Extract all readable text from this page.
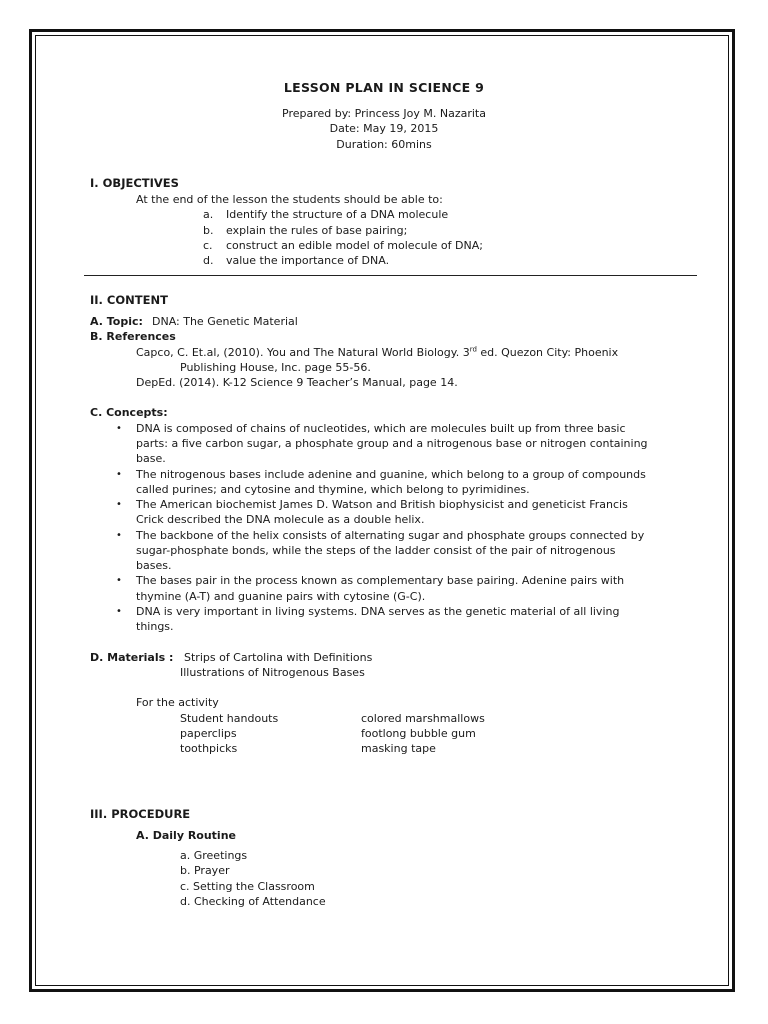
LESSON PLAN IN SCIENCE 9
Prepared by: Princess Joy M. Nazarita
Date: May 19, 2015
Duration: 60mins
I. OBJECTIVES
At the end of the lesson the students should be able to:
a. Identify the structure of a DNA molecule
b. explain the rules of base pairing;
c. construct an edible model of molecule of DNA;
d. value the importance of DNA.
II. CONTENT
A. Topic: DNA: The Genetic Material
B. References
Capco, C. Et.al, (2010). You and The Natural World Biology. 3rd ed. Quezon City: Phoenix
Publishing House, Inc. page 55-56.
DepEd. (2014). K-12 Science 9 Teacher’s Manual, page 14.
C. Concepts:
• DNA is composed of chains of nucleotides, which are molecules built up from three basic
parts: a five carbon sugar, a phosphate group and a nitrogenous base or nitrogen containing
base.
• The nitrogenous bases include adenine and guanine, which belong to a group of compounds
called purines; and cytosine and thymine, which belong to pyrimidines.
• The American biochemist James D. Watson and British biophysicist and geneticist Francis
Crick described the DNA molecule as a double helix.
• The backbone of the helix consists of alternating sugar and phosphate groups connected by
sugar-phosphate bonds, while the steps of the ladder consist of the pair of nitrogenous
bases.
• The bases pair in the process known as complementary base pairing. Adenine pairs with
thymine (A-T) and guanine pairs with cytosine (G-C).
• DNA is very important in living systems. DNA serves as the genetic material of all living
things.
D. Materials : Strips of Cartolina with Definitions
Illustrations of Nitrogenous Bases
For the activity
Student handouts	colored marshmallows
paperclips	footlong bubble gum
toothpicks	masking tape
III. PROCEDURE
A. Daily Routine
a. Greetings
b. Prayer
c. Setting the Classroom
d. Checking of Attendance
